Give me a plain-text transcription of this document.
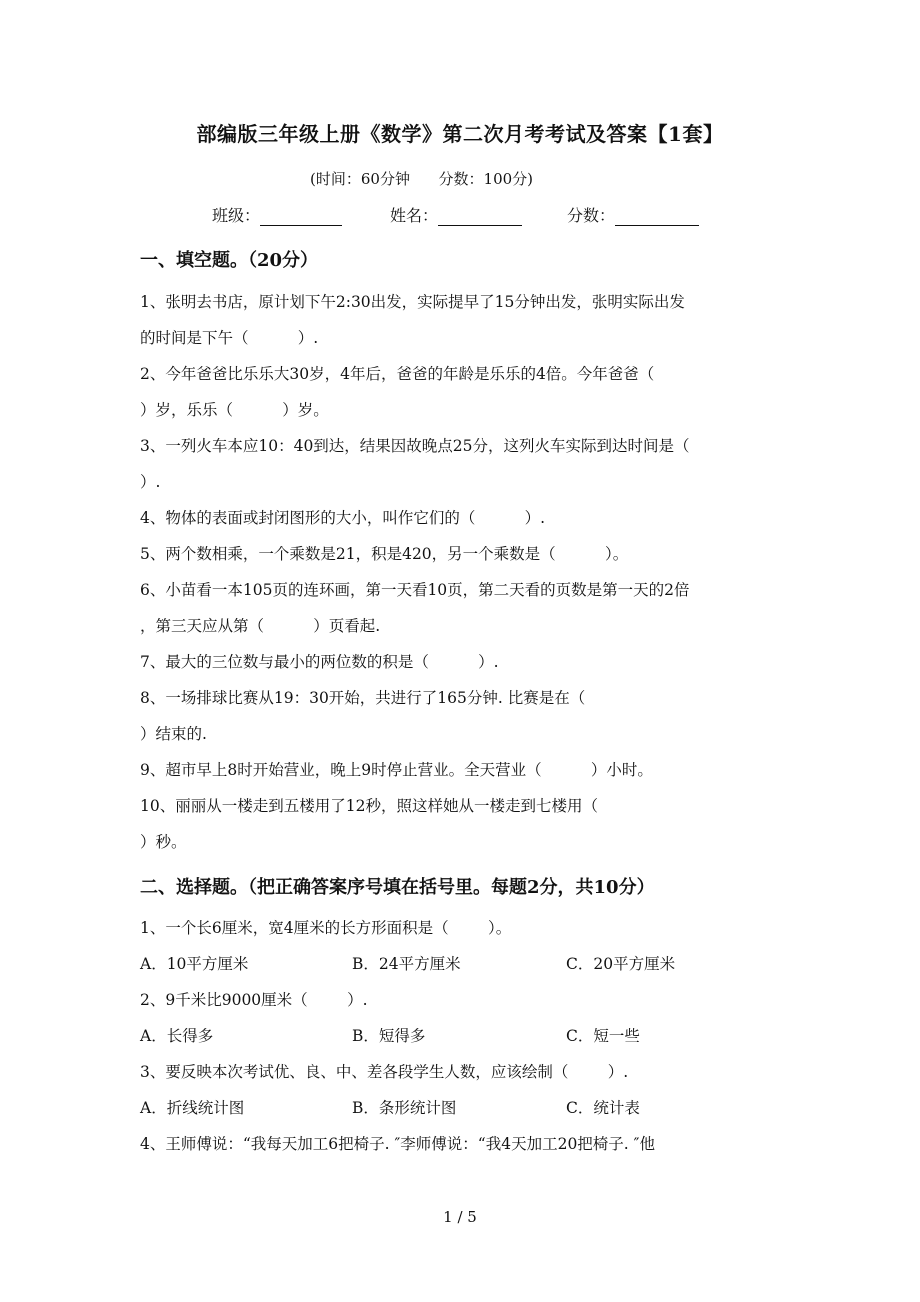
部编版三年级上册《数学》第二次月考考试及答案【1套】
(时间：60分钟      分数：100分)
班级：	姓名：	分数：
一、填空题。（20分）
1、张明去书店，原计划下午2:30出发，实际提早了15分钟出发，张明实际出发
的时间是下午（          ）.
2、今年爸爸比乐乐大30岁，4年后，爸爸的年龄是乐乐的4倍。今年爸爸（
）岁，乐乐（          ）岁。
3、一列火车本应10：40到达，结果因故晚点25分，这列火车实际到达时间是（
）.
4、物体的表面或封闭图形的大小，叫作它们的（          ）.
5、两个数相乘，一个乘数是21，积是420，另一个乘数是（          ）。
6、小苗看一本105页的连环画，第一天看10页，第二天看的页数是第一天的2倍
，第三天应从第（          ）页看起.
7、最大的三位数与最小的两位数的积是（          ）.
8、一场排球比赛从19：30开始，共进行了165分钟. 比赛是在（
）结束的.
9、超市早上8时开始营业，晚上9时停止营业。全天营业（          ）小时。
10、丽丽从一楼走到五楼用了12秒，照这样她从一楼走到七楼用（
）秒。
二、选择题。（把正确答案序号填在括号里。每题2分，共10分）
1、一个长6厘米，宽4厘米的长方形面积是（        ）。
A．10平方厘米	B．24平方厘米	C．20平方厘米
2、9千米比9000厘米（        ）.
A．长得多	B．短得多	C．短一些
3、要反映本次考试优、良、中、差各段学生人数，应该绘制（        ）.
A．折线统计图	B．条形统计图	C．统计表
4、王师傅说：“我每天加工6把椅子. ″李师傅说：“我4天加工20把椅子. ″他
1 / 5
